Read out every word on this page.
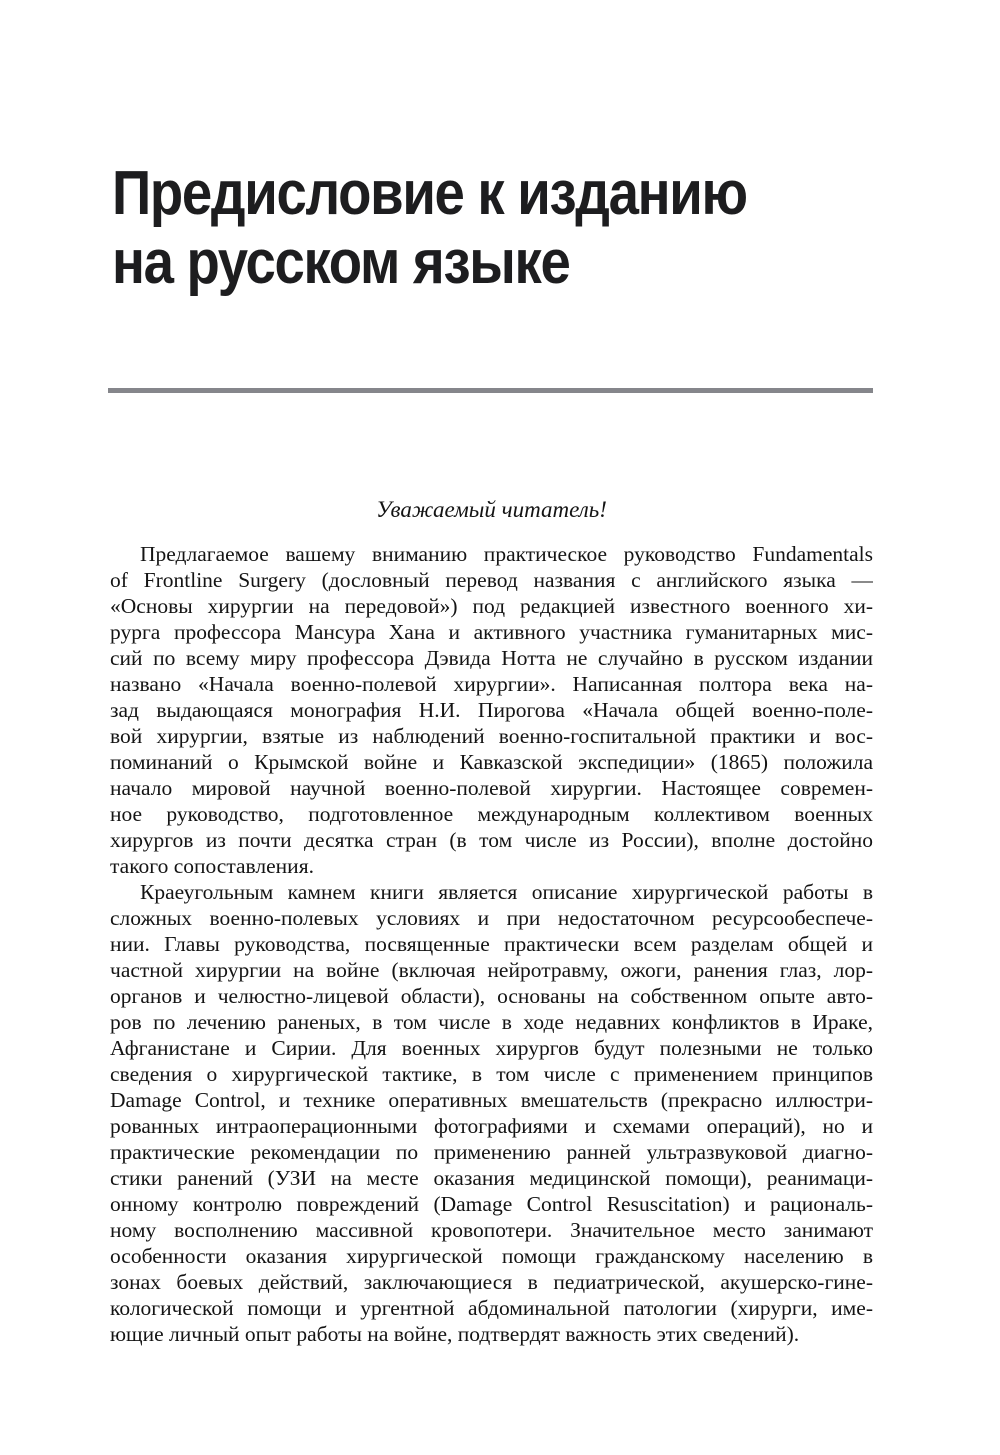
Предисловие к изданию
на русском языке
Уважаемый читатель!
Предлагаемое вашему вниманию практическое руководство Fundamentals
of Frontline Surgery (дословный перевод названия с английского языка —
«Основы хирургии на передовой») под редакцией известного военного хи-
рурга профессора Мансура Хана и активного участника гуманитарных мис-
сий по всему миру профессора Дэвида Нотта не случайно в русском издании
названо «Начала военно-полевой хирургии». Написанная полтора века на-
зад выдающаяся монография Н.И. Пирогова «Начала общей военно-поле-
вой хирургии, взятые из наблюдений военно-госпитальной практики и вос-
поминаний о Крымской войне и Кавказской экспедиции» (1865) положила
начало мировой научной военно-полевой хирургии. Настоящее современ-
ное руководство, подготовленное международным коллективом военных
хирургов из почти десятка стран (в том числе из России), вполне достойно
такого сопоставления.
Краеугольным камнем книги является описание хирургической работы в
сложных военно-полевых условиях и при недостаточном ресурсообеспече-
нии. Главы руководства, посвященные практически всем разделам общей и
частной хирургии на войне (включая нейротравму, ожоги, ранения глаз, лор-
органов и челюстно-лицевой области), основаны на собственном опыте авто-
ров по лечению раненых, в том числе в ходе недавних конфликтов в Ираке,
Афганистане и Сирии. Для военных хирургов будут полезными не только
сведения о хирургической тактике, в том числе с применением принципов
Damage Control, и технике оперативных вмешательств (прекрасно иллюстри-
рованных интраоперационными фотографиями и схемами операций), но и
практические рекомендации по применению ранней ультразвуковой диагно-
стики ранений (УЗИ на месте оказания медицинской помощи), реанимаци-
онному контролю повреждений (Damage Control Resuscitation) и рациональ-
ному восполнению массивной кровопотери. Значительное место занимают
особенности оказания хирургической помощи гражданскому населению в
зонах боевых действий, заключающиеся в педиатрической, акушерско-гине-
кологической помощи и ургентной абдоминальной патологии (хирурги, име-
ющие личный опыт работы на войне, подтвердят важность этих сведений).
